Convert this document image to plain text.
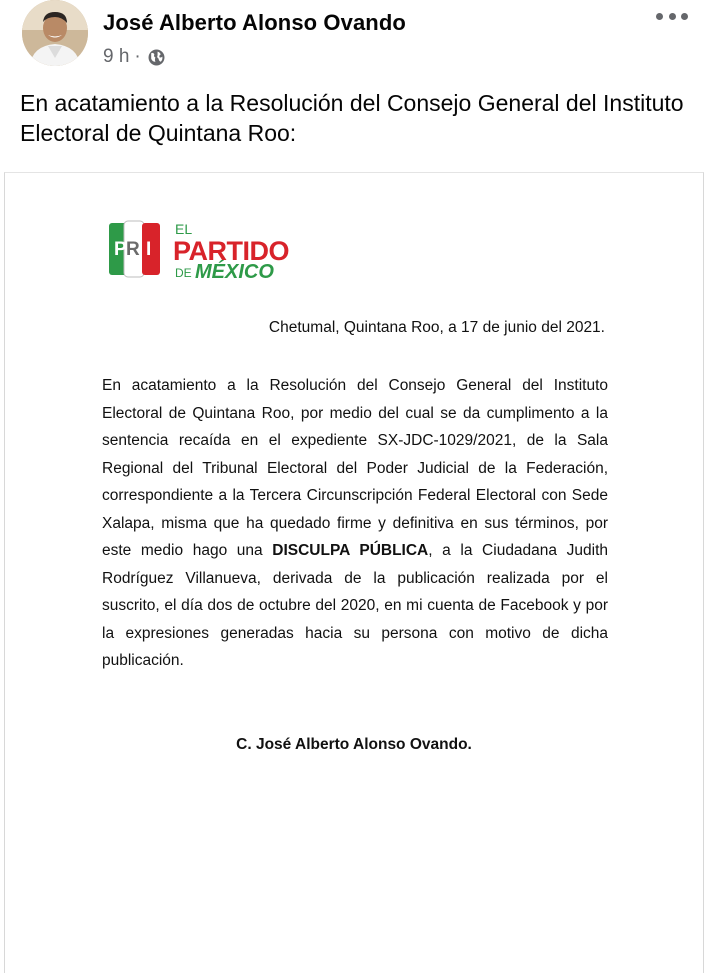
José Alberto Alonso Ovando
9 h ·
En acatamiento a la Resolución del Consejo General del Instituto Electoral de Quintana Roo:
P R I
EL
PARTIDO
DE MÉXICO
Chetumal, Quintana Roo, a 17 de junio del 2021.
En acatamiento a la Resolución del Consejo General del Instituto Electoral de Quintana Roo, por medio del cual se da cumplimento a la sentencia recaída en el expediente SX-JDC-1029/2021, de la Sala Regional del Tribunal Electoral del Poder Judicial de la Federación, correspondiente a la Tercera Circunscripción Federal Electoral con Sede Xalapa, misma que ha quedado firme y definitiva en sus términos, por este medio hago una DISCULPA PÚBLICA, a la Ciudadana Judith Rodríguez Villanueva, derivada de la publicación realizada por el suscrito, el día dos de octubre del 2020, en mi cuenta de Facebook y por la expresiones generadas hacia su persona con motivo de dicha publicación.
C. José Alberto Alonso Ovando.
